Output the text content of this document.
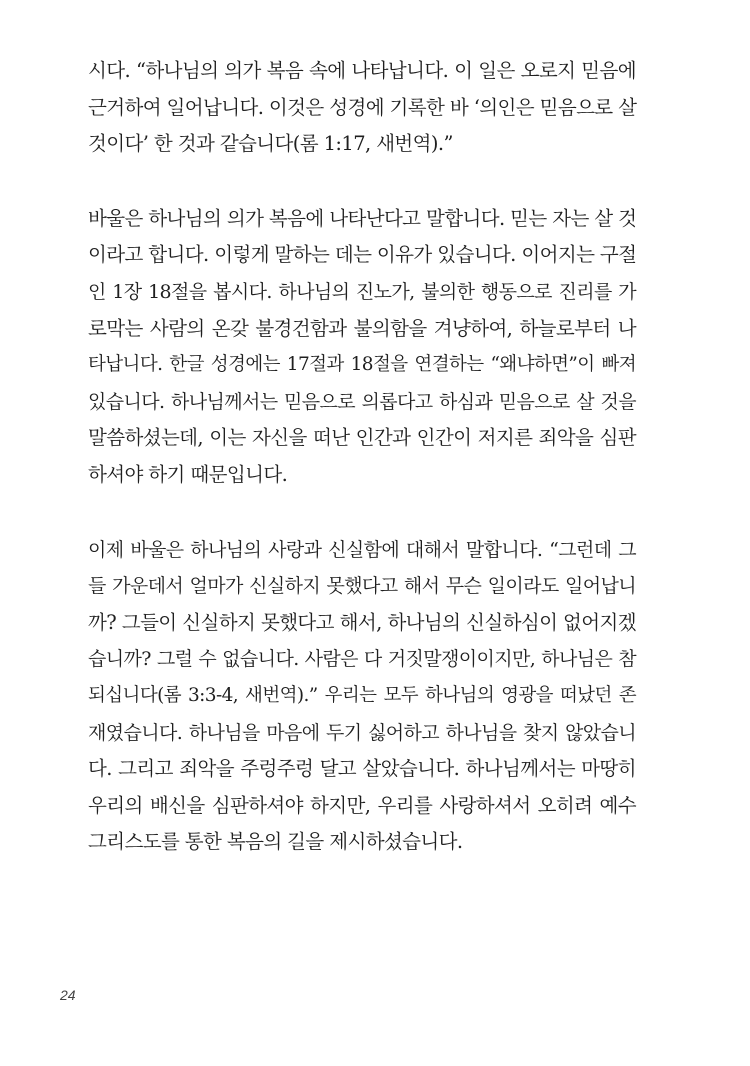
시다. “하나님의 의가 복음 속에 나타납니다. 이 일은 오로지 믿음에
근거하여 일어납니다. 이것은 성경에 기록한 바 ‘의인은 믿음으로 살
것이다’ 한 것과 같습니다(롬 1:17, 새번역).”

바울은 하나님의 의가 복음에 나타난다고 말합니다. 믿는 자는 살 것
이라고 합니다. 이렇게 말하는 데는 이유가 있습니다. 이어지는 구절
인 1장 18절을 봅시다. 하나님의 진노가, 불의한 행동으로 진리를 가
로막는 사람의 온갖 불경건함과 불의함을 겨냥하여, 하늘로부터 나
타납니다. 한글 성경에는 17절과 18절을 연결하는 “왜냐하면”이 빠져
있습니다. 하나님께서는 믿음으로 의롭다고 하심과 믿음으로 살 것을
말씀하셨는데, 이는 자신을 떠난 인간과 인간이 저지른 죄악을 심판
하셔야 하기 때문입니다.

이제 바울은 하나님의 사랑과 신실함에 대해서 말합니다. “그런데 그
들 가운데서 얼마가 신실하지 못했다고 해서 무슨 일이라도 일어납니
까? 그들이 신실하지 못했다고 해서, 하나님의 신실하심이 없어지겠
습니까? 그럴 수 없습니다. 사람은 다 거짓말쟁이이지만, 하나님은 참
되십니다(롬 3:3-4, 새번역).” 우리는 모두 하나님의 영광을 떠났던 존
재였습니다. 하나님을 마음에 두기 싫어하고 하나님을 찾지 않았습니
다. 그리고 죄악을 주렁주렁 달고 살았습니다. 하나님께서는 마땅히
우리의 배신을 심판하셔야 하지만, 우리를 사랑하셔서 오히려 예수
그리스도를 통한 복음의 길을 제시하셨습니다.

24
